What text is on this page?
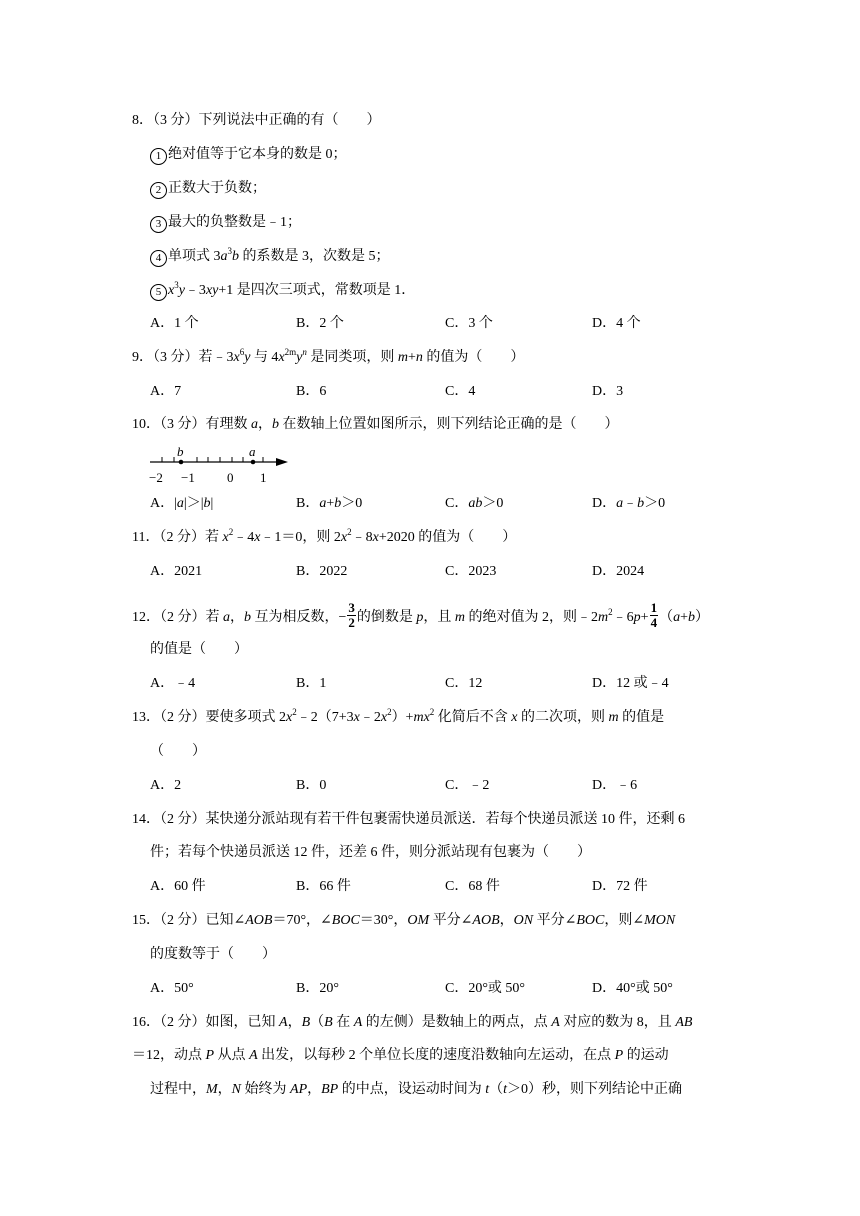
8．（3 分）下列说法中正确的有（　　）
1 绝对值等于它本身的数是 0；
2 正数大于负数；
3 最大的负整数是﹣1；
4 单项式 $3a^3b$ 的系数是 3，次数是 5；
5 $x^3y﹣3xy+1$ 是四次三项式，常数项是 1．
A．1 个	B．2 个	C．3 个	D．4 个
9．（3 分）若$﹣3x^6y$ 与 $4x^{2m}y^n$ 是同类项，则 m+n 的值为（　　）
A．7	B．6	C．4	D．3
10．（3 分）有理数 a，b 在数轴上位置如图所示，则下列结论正确的是（　　）
b	a
−2 −1 0 1
A．|a|＞|b|	B．a+b＞0	C．ab＞0	D．a﹣b＞0
11．（2 分）若 $x^2﹣4x﹣1=0$，则 $2x^2﹣8x+2020$ 的值为（　　）
A．2021	B．2022	C．2023	D．2024
12．（2 分）若 a，b 互为相反数，− $\frac{3}{2}$ 的倒数是 p，且 m 的绝对值为 2，则$﹣2m^2﹣6p+ \frac{1}{4} (a+b)$
的值是（　　）
A．﹣4	B．1	C．12	D．12 或﹣4
13．（2 分）要使多项式 $2x^2﹣2(7+3x﹣2x^2)+mx^2$ 化简后不含 x 的二次项，则 m 的值是
（　　）
A．2	B．0	C．﹣2	D．﹣6
14．（2 分）某快递分派站现有若干件包裹需快递员派送．若每个快递员派送 10 件，还剩 6
件；若每个快递员派送 12 件，还差 6 件，则分派站现有包裹为（　　）
A．60 件	B．66 件	C．68 件	D．72 件
15．（2 分）已知∠AOB＝70°，∠BOC＝30°，OM 平分∠AOB，ON 平分∠BOC，则∠MON
的度数等于（　　）
A．50°	B．20°	C．20°或 50°	D．40°或 50°
16．（2 分）如图，已知 A，B（B 在 A 的左侧）是数轴上的两点，点 A 对应的数为 8，且 AB
＝12，动点 P 从点 A 出发，以每秒 2 个单位长度的速度沿数轴向左运动，在点 P 的运动
过程中，M，N 始终为 AP，BP 的中点，设运动时间为 t（t＞0）秒，则下列结论中正确
